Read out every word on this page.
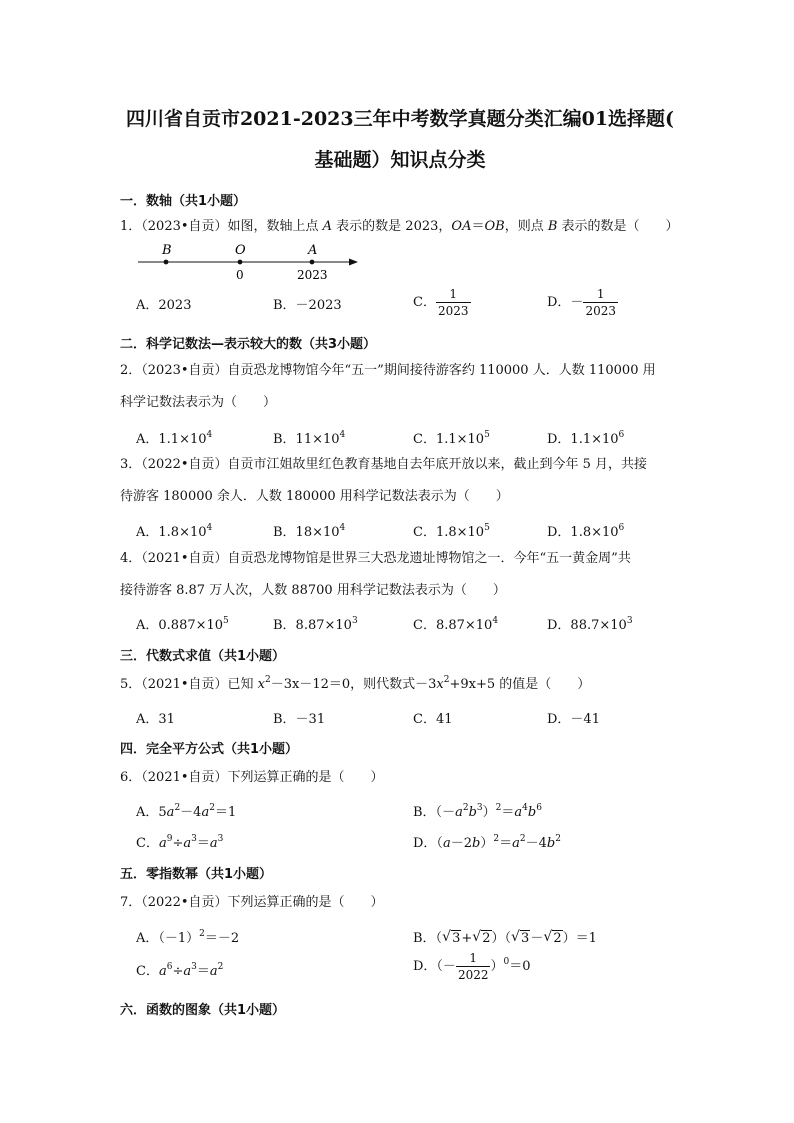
四川省自贡市2021-2023三年中考数学真题分类汇编01选择题(
基础题）知识点分类
一．数轴（共1小题）
1．（2023•自贡）如图，数轴上点 A 表示的数是 2023，OA＝OB，则点 B 表示的数是（　　）
B	O	A
0	2023
A．2023	B．－2023	C． $\frac{1}{2023}$	D．－ $\frac{1}{2023}$
二．科学记数法—表示较大的数（共3小题）
2．（2023•自贡）自贡恐龙博物馆今年“五一”期间接待游客约 110000 人．人数 110000 用
科学记数法表示为（　　）
A．$1.1\times 10^4$	B．$11\times 10^4$	C．$1.1\times 10^5$	D．$1.1\times 10^6$
3．（2022•自贡）自贡市江姐故里红色教育基地自去年底开放以来，截止到今年 5 月，共接
待游客 180000 余人．人数 180000 用科学记数法表示为（　　）
A．$1.8\times 10^4$	B．$18\times 10^4$	C．$1.8\times 10^5$	D．$1.8\times 10^6$
4．（2021•自贡）自贡恐龙博物馆是世界三大恐龙遗址博物馆之一．今年“五一黄金周”共
接待游客 8.87 万人次，人数 88700 用科学记数法表示为（　　）
A．$0.887\times 10^5$	B．$8.87\times 10^3$	C．$8.87\times 10^4$	D．$88.7\times 10^3$
三．代数式求值（共1小题）
5．（2021•自贡）已知 $x^2-3x-12=0$，则代数式$-3x^2+9x+5$ 的值是（　　）
A．31	B．－31	C．41	D．－41
四．完全平方公式（共1小题）
6．（2021•自贡）下列运算正确的是（　　）
A．$5a^2-4a^2=1$	B．$(-a^2b^3)^2=a^4b^6$
C．$a^9\div a^3=a^3$	D．$(a-2b)^2=a^2-4b^2$
五．零指数幂（共1小题）
7．（2022•自贡）下列运算正确的是（　　）
A．$(-1)^2=-2$	B．（ √ 3+ √ 2）（ √ 3－ √ 2）＝1
C．$a^6\div a^3=a^2$	D．（－ $\frac{1}{2022} )^0=0$
六．函数的图象（共1小题）
